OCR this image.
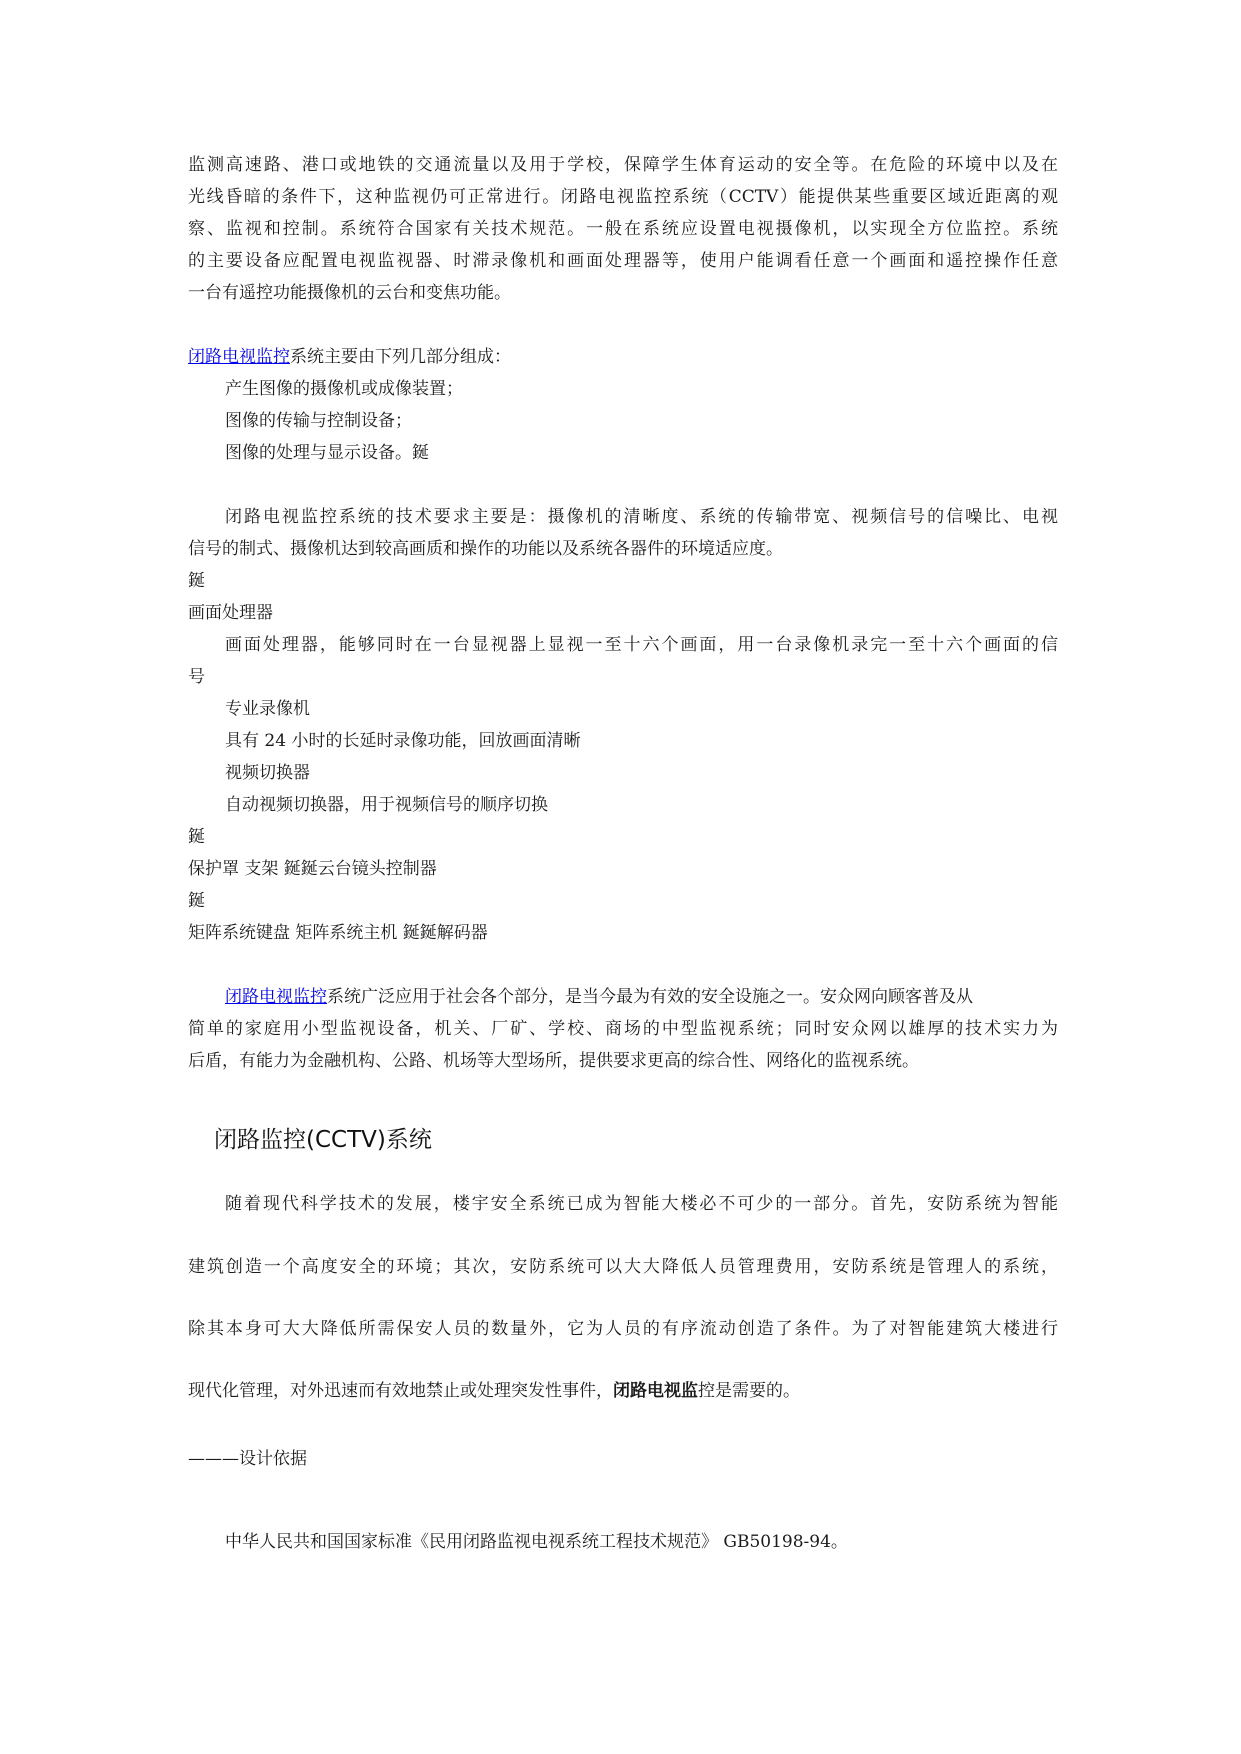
监测高速路、港口或地铁的交通流量以及用于学校，保障学生体育运动的安全等。在危险的环境中以及在
光线昏暗的条件下，这种监视仍可正常进行。闭路电视监控系统（CCTV）能提供某些重要区域近距离的观
察、监视和控制。系统符合国家有关技术规范。一般在系统应设置电视摄像机，以实现全方位监控。系统
的主要设备应配置电视监视器、时滞录像机和画面处理器等，使用户能调看任意一个画面和遥控操作任意
一台有遥控功能摄像机的云台和变焦功能。
闭路电视监控系统主要由下列几部分组成：
产生图像的摄像机或成像装置；
图像的传输与控制设备；
图像的处理与显示设备。鋋
闭路电视监控系统的技术要求主要是：摄像机的清晰度、系统的传输带宽、视频信号的信噪比、电视
信号的制式、摄像机达到较高画质和操作的功能以及系统各器件的环境适应度。
鋋
画面处理器
画面处理器，能够同时在一台显视器上显视一至十六个画面，用一台录像机录完一至十六个画面的信
号
专业录像机
具有 24 小时的长延时录像功能，回放画面清晰
视频切换器
自动视频切换器，用于视频信号的顺序切换
鋋
保护罩 支架 鋋鋋云台镜头控制器
鋋
矩阵系统键盘 矩阵系统主机 鋋鋋解码器
闭路电视监控系统广泛应用于社会各个部分，是当今最为有效的安全设施之一。安众网向顾客普及从
简单的家庭用小型监视设备，机关、厂矿、学校、商场的中型监视系统；同时安众网以雄厚的技术实力为
后盾，有能力为金融机构、公路、机场等大型场所，提供要求更高的综合性、网络化的监视系统。
闭路监控(CCTV)系统
随着现代科学技术的发展，楼宇安全系统已成为智能大楼必不可少的一部分。首先，安防系统为智能
建筑创造一个高度安全的环境；其次，安防系统可以大大降低人员管理费用，安防系统是管理人的系统，
除其本身可大大降低所需保安人员的数量外，它为人员的有序流动创造了条件。为了对智能建筑大楼进行
现代化管理，对外迅速而有效地禁止或处理突发性事件，闭路电视监控是需要的。
———设计依据
中华人民共和国国家标准《民用闭路监视电视系统工程技术规范》 GB50198-94。
